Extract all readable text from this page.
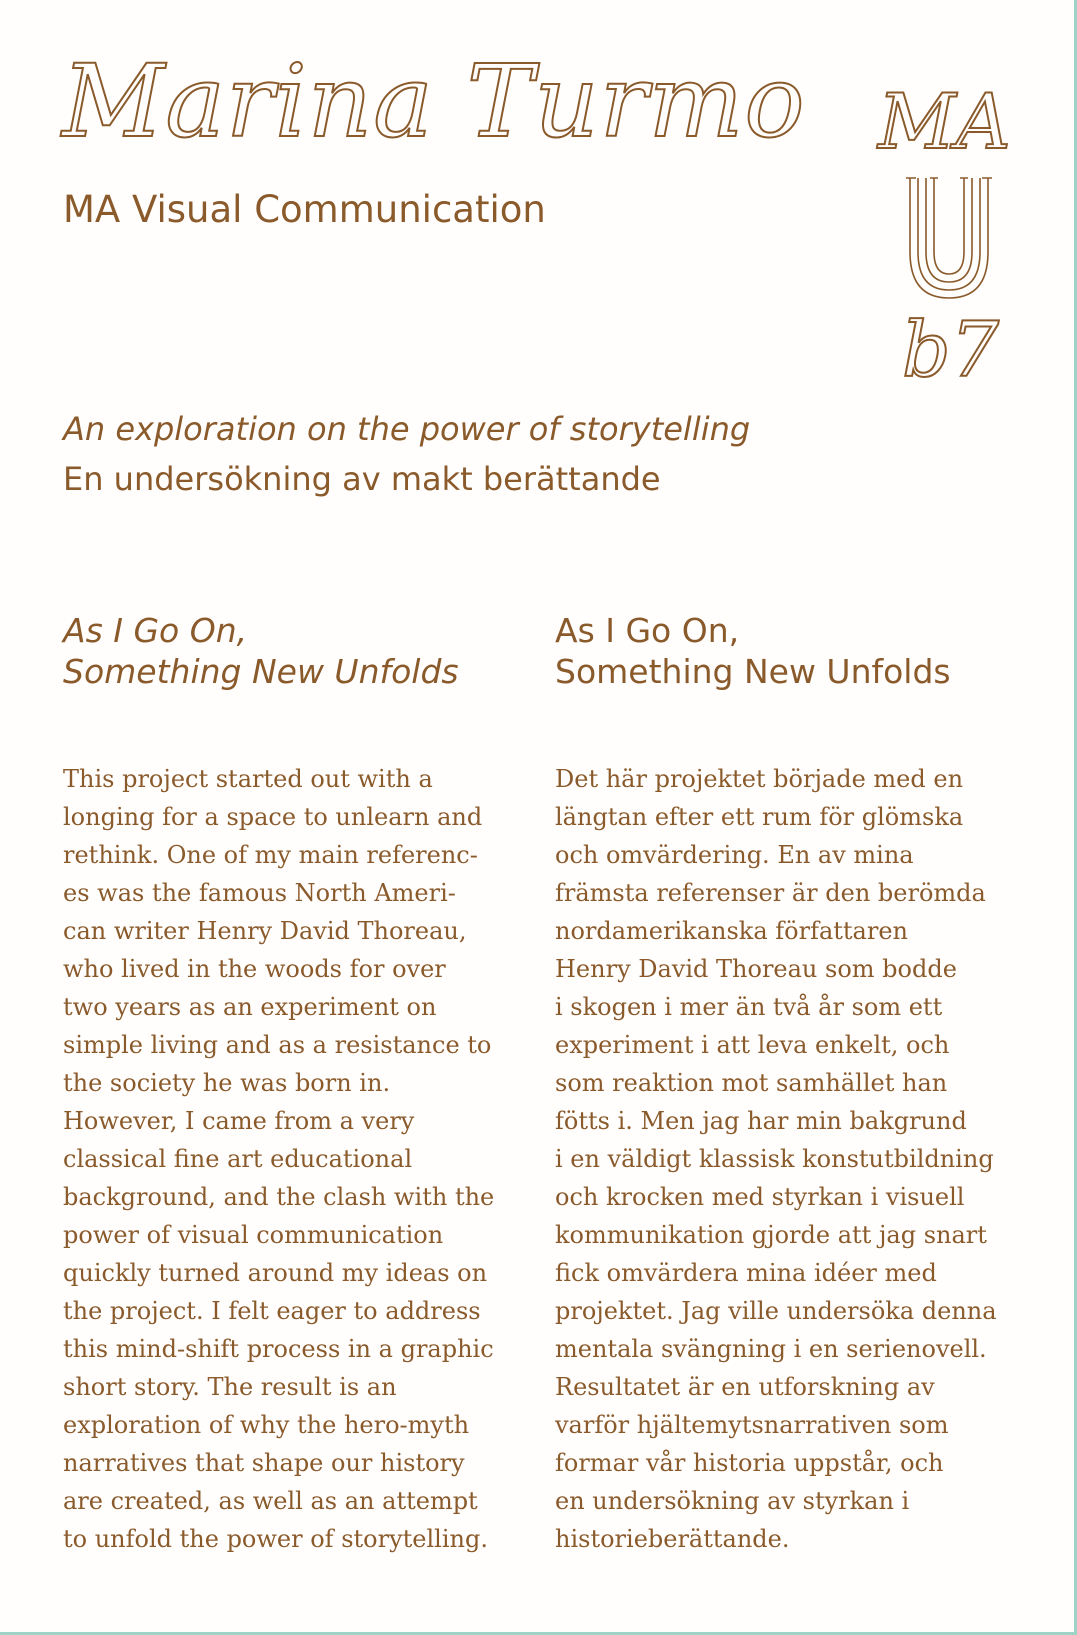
Marina Turmo
MA Visual Communication
MA
b7
An exploration on the power of storytelling
En undersökning av makt berättande
As I Go On,
Something New Unfolds
This project started out with a
longing for a space to unlearn and
rethink. One of my main referenc-
es was the famous North Ameri-
can writer Henry David Thoreau,
who lived in the woods for over
two years as an experiment on
simple living and as a resistance to
the society he was born in.
However, I came from a very
classical fine art educational
background, and the clash with the
power of visual communication
quickly turned around my ideas on
the project. I felt eager to address
this mind-shift process in a graphic
short story. The result is an
exploration of why the hero-myth
narratives that shape our history
are created, as well as an attempt
to unfold the power of storytelling.
As I Go On,
Something New Unfolds
Det här projektet började med en
längtan efter ett rum för glömska
och omvärdering. En av mina
främsta referenser är den berömda
nordamerikanska författaren
Henry David Thoreau som bodde
i skogen i mer än två år som ett
experiment i att leva enkelt, och
som reaktion mot samhället han
fötts i. Men jag har min bakgrund
i en väldigt klassisk konstutbildning
och krocken med styrkan i visuell
kommunikation gjorde att jag snart
fick omvärdera mina idéer med
projektet. Jag ville undersöka denna
mentala svängning i en serienovell.
Resultatet är en utforskning av
varför hjältemytsnarrativen som
formar vår historia uppstår, och
en undersökning av styrkan i
historieberättande.
